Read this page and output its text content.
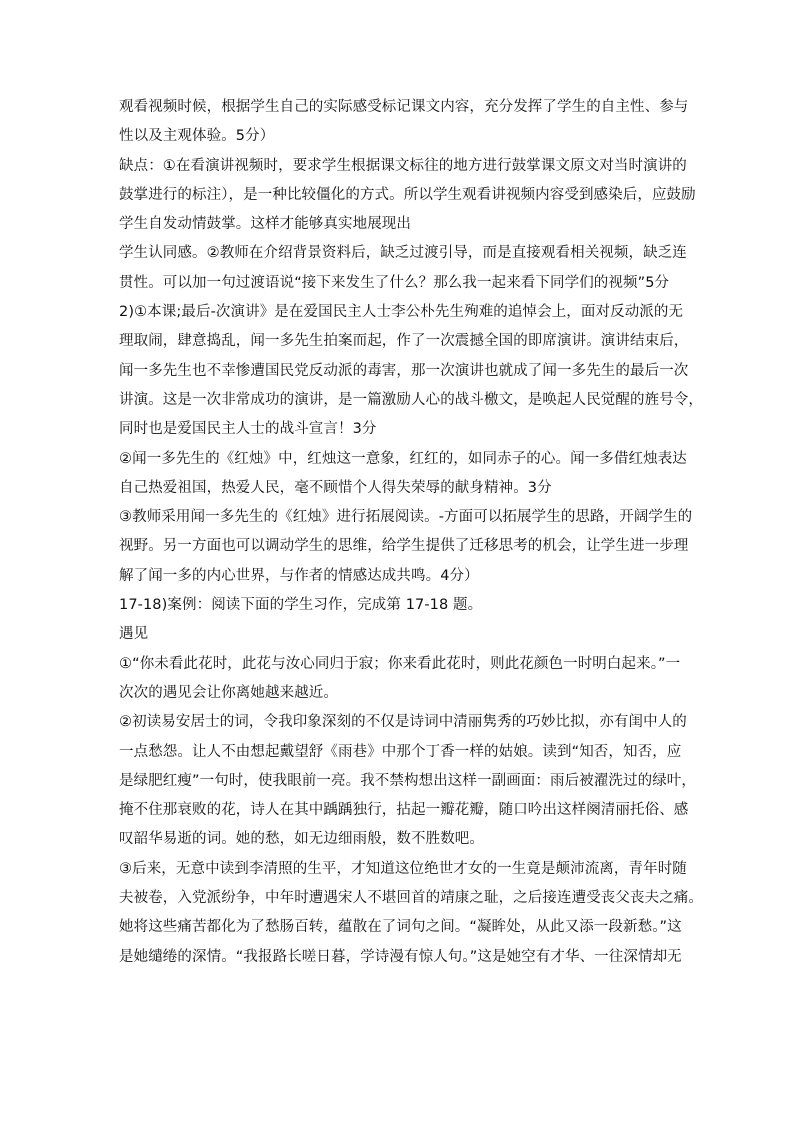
观看视频时候，根据学生自己的实际感受标记课文内容，充分发挥了学生的自主性、参与
性以及主观体验。5分）
缺点：①在看演讲视频时，要求学生根据课文标往的地方进行鼓掌课文原文对当时演讲的
鼓掌进行的标注），是一种比较僵化的方式。所以学生观看讲视频内容受到感染后，应鼓励
学生自发动情鼓掌。这样才能够真实地展现出
学生认同感。②教师在介绍背景资料后，缺乏过渡引导，而是直接观看相关视频，缺乏连
贯性。可以加一句过渡语说“接下来发生了什么？那么我一起来看下同学们的视频”5分
2)①本课;最后-次演讲》是在爱国民主人士李公朴先生殉难的追悼会上，面对反动派的无
理取闹，肆意捣乱，闻一多先生拍案而起，作了一次震撼全国的即席演讲。演讲结束后，
闻一多先生也不幸惨遭国民党反动派的毒害，那一次演讲也就成了闻一多先生的最后一次
讲演。这是一次非常成功的演讲，是一篇激励人心的战斗檄文，是唤起人民觉醒的旌号令，
同时也是爱国民主人士的战斗宣言！3分
②闻一多先生的《红烛》中，红烛这一意象，红红的，如同赤子的心。闻一多借红烛表达
自己热爱祖国，热爱人民，毫不顾惜个人得失荣辱的献身精神。3分
③教师采用闻一多先生的《红烛》进行拓展阅读。-方面可以拓展学生的思路，开阔学生的
视野。另一方面也可以调动学生的思维，给学生提供了迁移思考的机会，让学生进一步理
解了闻一多的内心世界，与作者的情感达成共鸣。4分）
17-18)案例：阅读下面的学生习作，完成第 17-18 题。
遇见
①“你未看此花时，此花与汝心同归于寂；你来看此花时，则此花颜色一时明白起来。”一
次次的遇见会让你离她越来越近。
②初读易安居士的词，令我印象深刻的不仅是诗词中清丽隽秀的巧妙比拟，亦有闺中人的
一点愁怨。让人不由想起戴望舒《雨巷》中那个丁香一样的姑娘。读到“知否，知否，应
是绿肥红瘦”一句时，使我眼前一亮。我不禁构想出这样一副画面：雨后被濯洗过的绿叶，
掩不住那衰败的花，诗人在其中踽踽独行，拈起一瓣花瓣，随口吟出这样阕清丽托俗、感
叹韶华易逝的词。她的愁，如无边细雨般，数不胜数吧。
③后来，无意中读到李清照的生平，才知道这位绝世才女的一生竟是颠沛流离，青年时随
夫被卷，入党派纷争，中年时遭遇宋人不堪回首的靖康之耻，之后接连遭受丧父丧夫之痛。
她将这些痛苦都化为了愁肠百转，蕴散在了词句之间。“凝眸处，从此又添一段新愁。”这
是她缱绻的深情。“我报路长嗟日暮，学诗漫有惊人句。”这是她空有才华、一往深情却无
